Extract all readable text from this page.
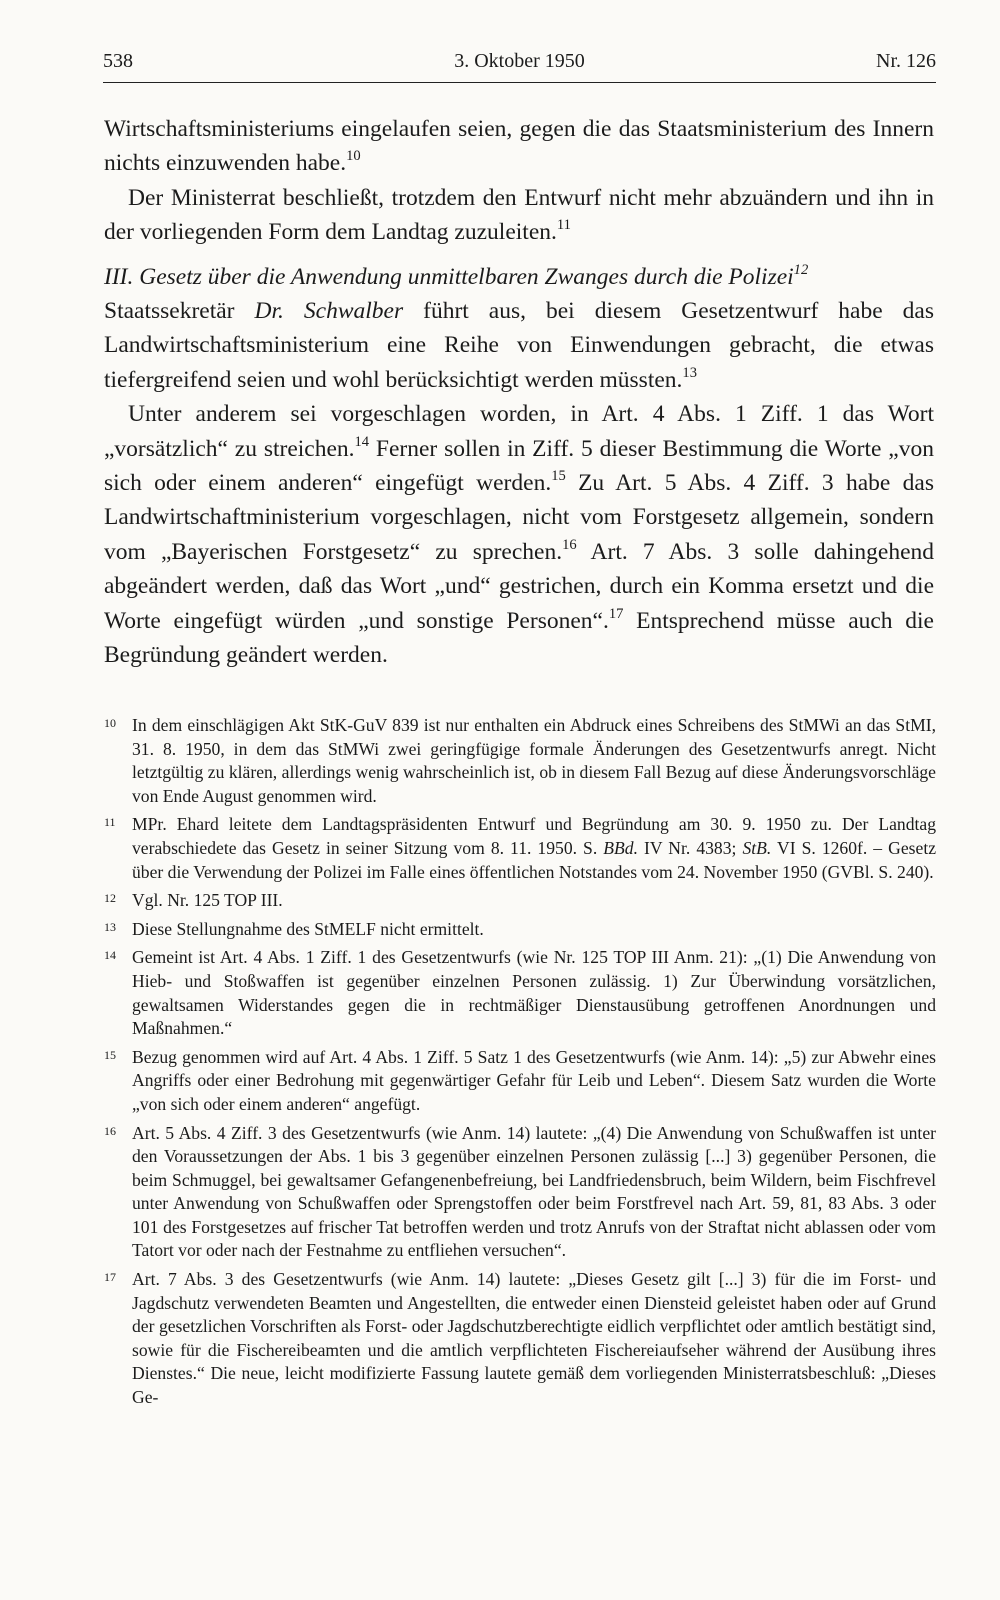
538	3. Oktober 1950	Nr. 126

Wirtschaftsministeriums eingelaufen seien, gegen die das Staatsministerium des Innern nichts einzuwenden habe.$^{10}$

Der Ministerrat beschließt, trotzdem den Entwurf nicht mehr abzuändern und ihn in der vorliegenden Form dem Landtag zuzuleiten.$^{11}$

III. Gesetz über die Anwendung unmittelbaren Zwanges durch die Polizei$^{12}$

Staatssekretär Dr. Schwalber führt aus, bei diesem Gesetzentwurf habe das Landwirtschaftsministerium eine Reihe von Einwendungen gebracht, die etwas tiefergreifend seien und wohl berücksichtigt werden müssten.$^{13}$

Unter anderem sei vorgeschlagen worden, in Art. 4 Abs. 1 Ziff. 1 das Wort „vorsätzlich“ zu streichen.$^{14}$ Ferner sollen in Ziff. 5 dieser Bestimmung die Worte „von sich oder einem anderen“ eingefügt werden.$^{15}$ Zu Art. 5 Abs. 4 Ziff. 3 habe das Landwirtschaftministerium vorgeschlagen, nicht vom Forstgesetz allgemein, sondern vom „Bayerischen Forstgesetz“ zu sprechen.$^{16}$ Art. 7 Abs. 3 solle dahingehend abgeändert werden, daß das Wort „und“ gestrichen, durch ein Komma ersetzt und die Worte eingefügt würden „und sonstige Personen“.$^{17}$ Entsprechend müsse auch die Begründung geändert werden.

10 In dem einschlägigen Akt StK-GuV 839 ist nur enthalten ein Abdruck eines Schreibens des StMWi an das StMI, 31. 8. 1950, in dem das StMWi zwei geringfügige formale Änderungen des Gesetzentwurfs anregt. Nicht letztgültig zu klären, allerdings wenig wahrscheinlich ist, ob in diesem Fall Bezug auf diese Änderungsvorschläge von Ende August genommen wird.
11 MPr. Ehard leitete dem Landtagspräsidenten Entwurf und Begründung am 30. 9. 1950 zu. Der Landtag verabschiedete das Gesetz in seiner Sitzung vom 8. 11. 1950. S. BBd. IV Nr. 4383; StB. VI S. 1260f. – Gesetz über die Verwendung der Polizei im Falle eines öffentlichen Notstandes vom 24. November 1950 (GVBl. S. 240).
12 Vgl. Nr. 125 TOP III.
13 Diese Stellungnahme des StMELF nicht ermittelt.
14 Gemeint ist Art. 4 Abs. 1 Ziff. 1 des Gesetzentwurfs (wie Nr. 125 TOP III Anm. 21): „(1) Die Anwendung von Hieb- und Stoßwaffen ist gegenüber einzelnen Personen zulässig. 1) Zur Überwindung vorsätzlichen, gewaltsamen Widerstandes gegen die in rechtmäßiger Dienstausübung getroffenen Anordnungen und Maßnahmen.“
15 Bezug genommen wird auf Art. 4 Abs. 1 Ziff. 5 Satz 1 des Gesetzentwurfs (wie Anm. 14): „5) zur Abwehr eines Angriffs oder einer Bedrohung mit gegenwärtiger Gefahr für Leib und Leben“. Diesem Satz wurden die Worte „von sich oder einem anderen“ angefügt.
16 Art. 5 Abs. 4 Ziff. 3 des Gesetzentwurfs (wie Anm. 14) lautete: „(4) Die Anwendung von Schußwaffen ist unter den Voraussetzungen der Abs. 1 bis 3 gegenüber einzelnen Personen zulässig [...] 3) gegenüber Personen, die beim Schmuggel, bei gewaltsamer Gefangenenbefreiung, bei Landfriedensbruch, beim Wildern, beim Fischfrevel unter Anwendung von Schußwaffen oder Sprengstoffen oder beim Forstfrevel nach Art. 59, 81, 83 Abs. 3 oder 101 des Forstgesetzes auf frischer Tat betroffen werden und trotz Anrufs von der Straftat nicht ablassen oder vom Tatort vor oder nach der Festnahme zu entfliehen versuchen“.
17 Art. 7 Abs. 3 des Gesetzentwurfs (wie Anm. 14) lautete: „Dieses Gesetz gilt [...] 3) für die im Forst- und Jagdschutz verwendeten Beamten und Angestellten, die entweder einen Diensteid geleistet haben oder auf Grund der gesetzlichen Vorschriften als Forst- oder Jagdschutzberechtigte eidlich verpflichtet oder amtlich bestätigt sind, sowie für die Fischereibeamten und die amtlich verpflichteten Fischereiaufseher während der Ausübung ihres Dienstes.“ Die neue, leicht modifizierte Fassung lautete gemäß dem vorliegenden Ministerratsbeschluß: „Dieses Ge-
